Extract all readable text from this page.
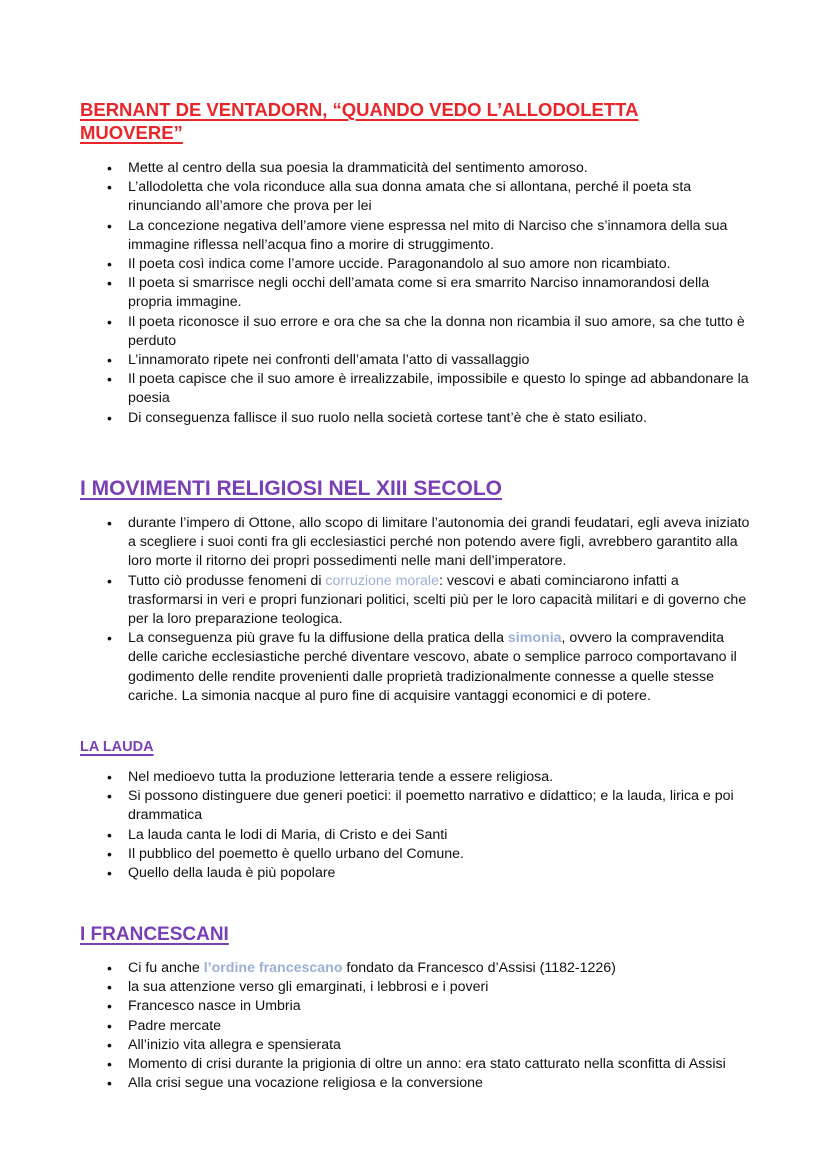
BERNANT DE VENTADORN, “QUANDO VEDO L’ALLODOLETTA MUOVERE”
• Mette al centro della sua poesia la drammaticità del sentimento amoroso.
• L’allodoletta che vola riconduce alla sua donna amata che si allontana, perché il poeta sta rinunciando all’amore che prova per lei
• La concezione negativa dell’amore viene espressa nel mito di Narciso che s’innamora della sua immagine riflessa nell’acqua fino a morire di struggimento.
• Il poeta così indica come l’amore uccide. Paragonandolo al suo amore non ricambiato.
• Il poeta si smarrisce negli occhi dell’amata come si era smarrito Narciso innamorandosi della propria immagine.
• Il poeta riconosce il suo errore e ora che sa che la donna non ricambia il suo amore, sa che tutto è perduto
• L’innamorato ripete nei confronti dell’amata l’atto di vassallaggio
• Il poeta capisce che il suo amore è irrealizzabile, impossibile e questo lo spinge ad abbandonare la poesia
• Di conseguenza fallisce il suo ruolo nella società cortese tant’è che è stato esiliato.
I MOVIMENTI RELIGIOSI NEL XIII SECOLO
• durante l’impero di Ottone, allo scopo di limitare l’autonomia dei grandi feudatari, egli aveva iniziato a scegliere i suoi conti fra gli ecclesiastici perché non potendo avere figli, avrebbero garantito alla loro morte il ritorno dei propri possedimenti nelle mani dell’imperatore.
• Tutto ciò produsse fenomeni di corruzione morale: vescovi e abati cominciarono infatti a trasformarsi in veri e propri funzionari politici, scelti più per le loro capacità militari e di governo che per la loro preparazione teologica.
• La conseguenza più grave fu la diffusione della pratica della simonia, ovvero la compravendita delle cariche ecclesiastiche perché diventare vescovo, abate o semplice parroco comportavano il godimento delle rendite provenienti dalle proprietà tradizionalmente connesse a quelle stesse cariche. La simonia nacque al puro fine di acquisire vantaggi economici e di potere.
LA LAUDA
• Nel medioevo tutta la produzione letteraria tende a essere religiosa.
• Si possono distinguere due generi poetici: il poemetto narrativo e didattico; e la lauda, lirica e poi drammatica
• La lauda canta le lodi di Maria, di Cristo e dei Santi
• Il pubblico del poemetto è quello urbano del Comune.
• Quello della lauda è più popolare
I FRANCESCANI
• Ci fu anche l’ordine francescano fondato da Francesco d’Assisi (1182-1226)
• la sua attenzione verso gli emarginati, i lebbrosi e i poveri
• Francesco nasce in Umbria
• Padre mercate
• All’inizio vita allegra e spensierata
• Momento di crisi durante la prigionia di oltre un anno: era stato catturato nella sconfitta di Assisi
• Alla crisi segue una vocazione religiosa e la conversione
